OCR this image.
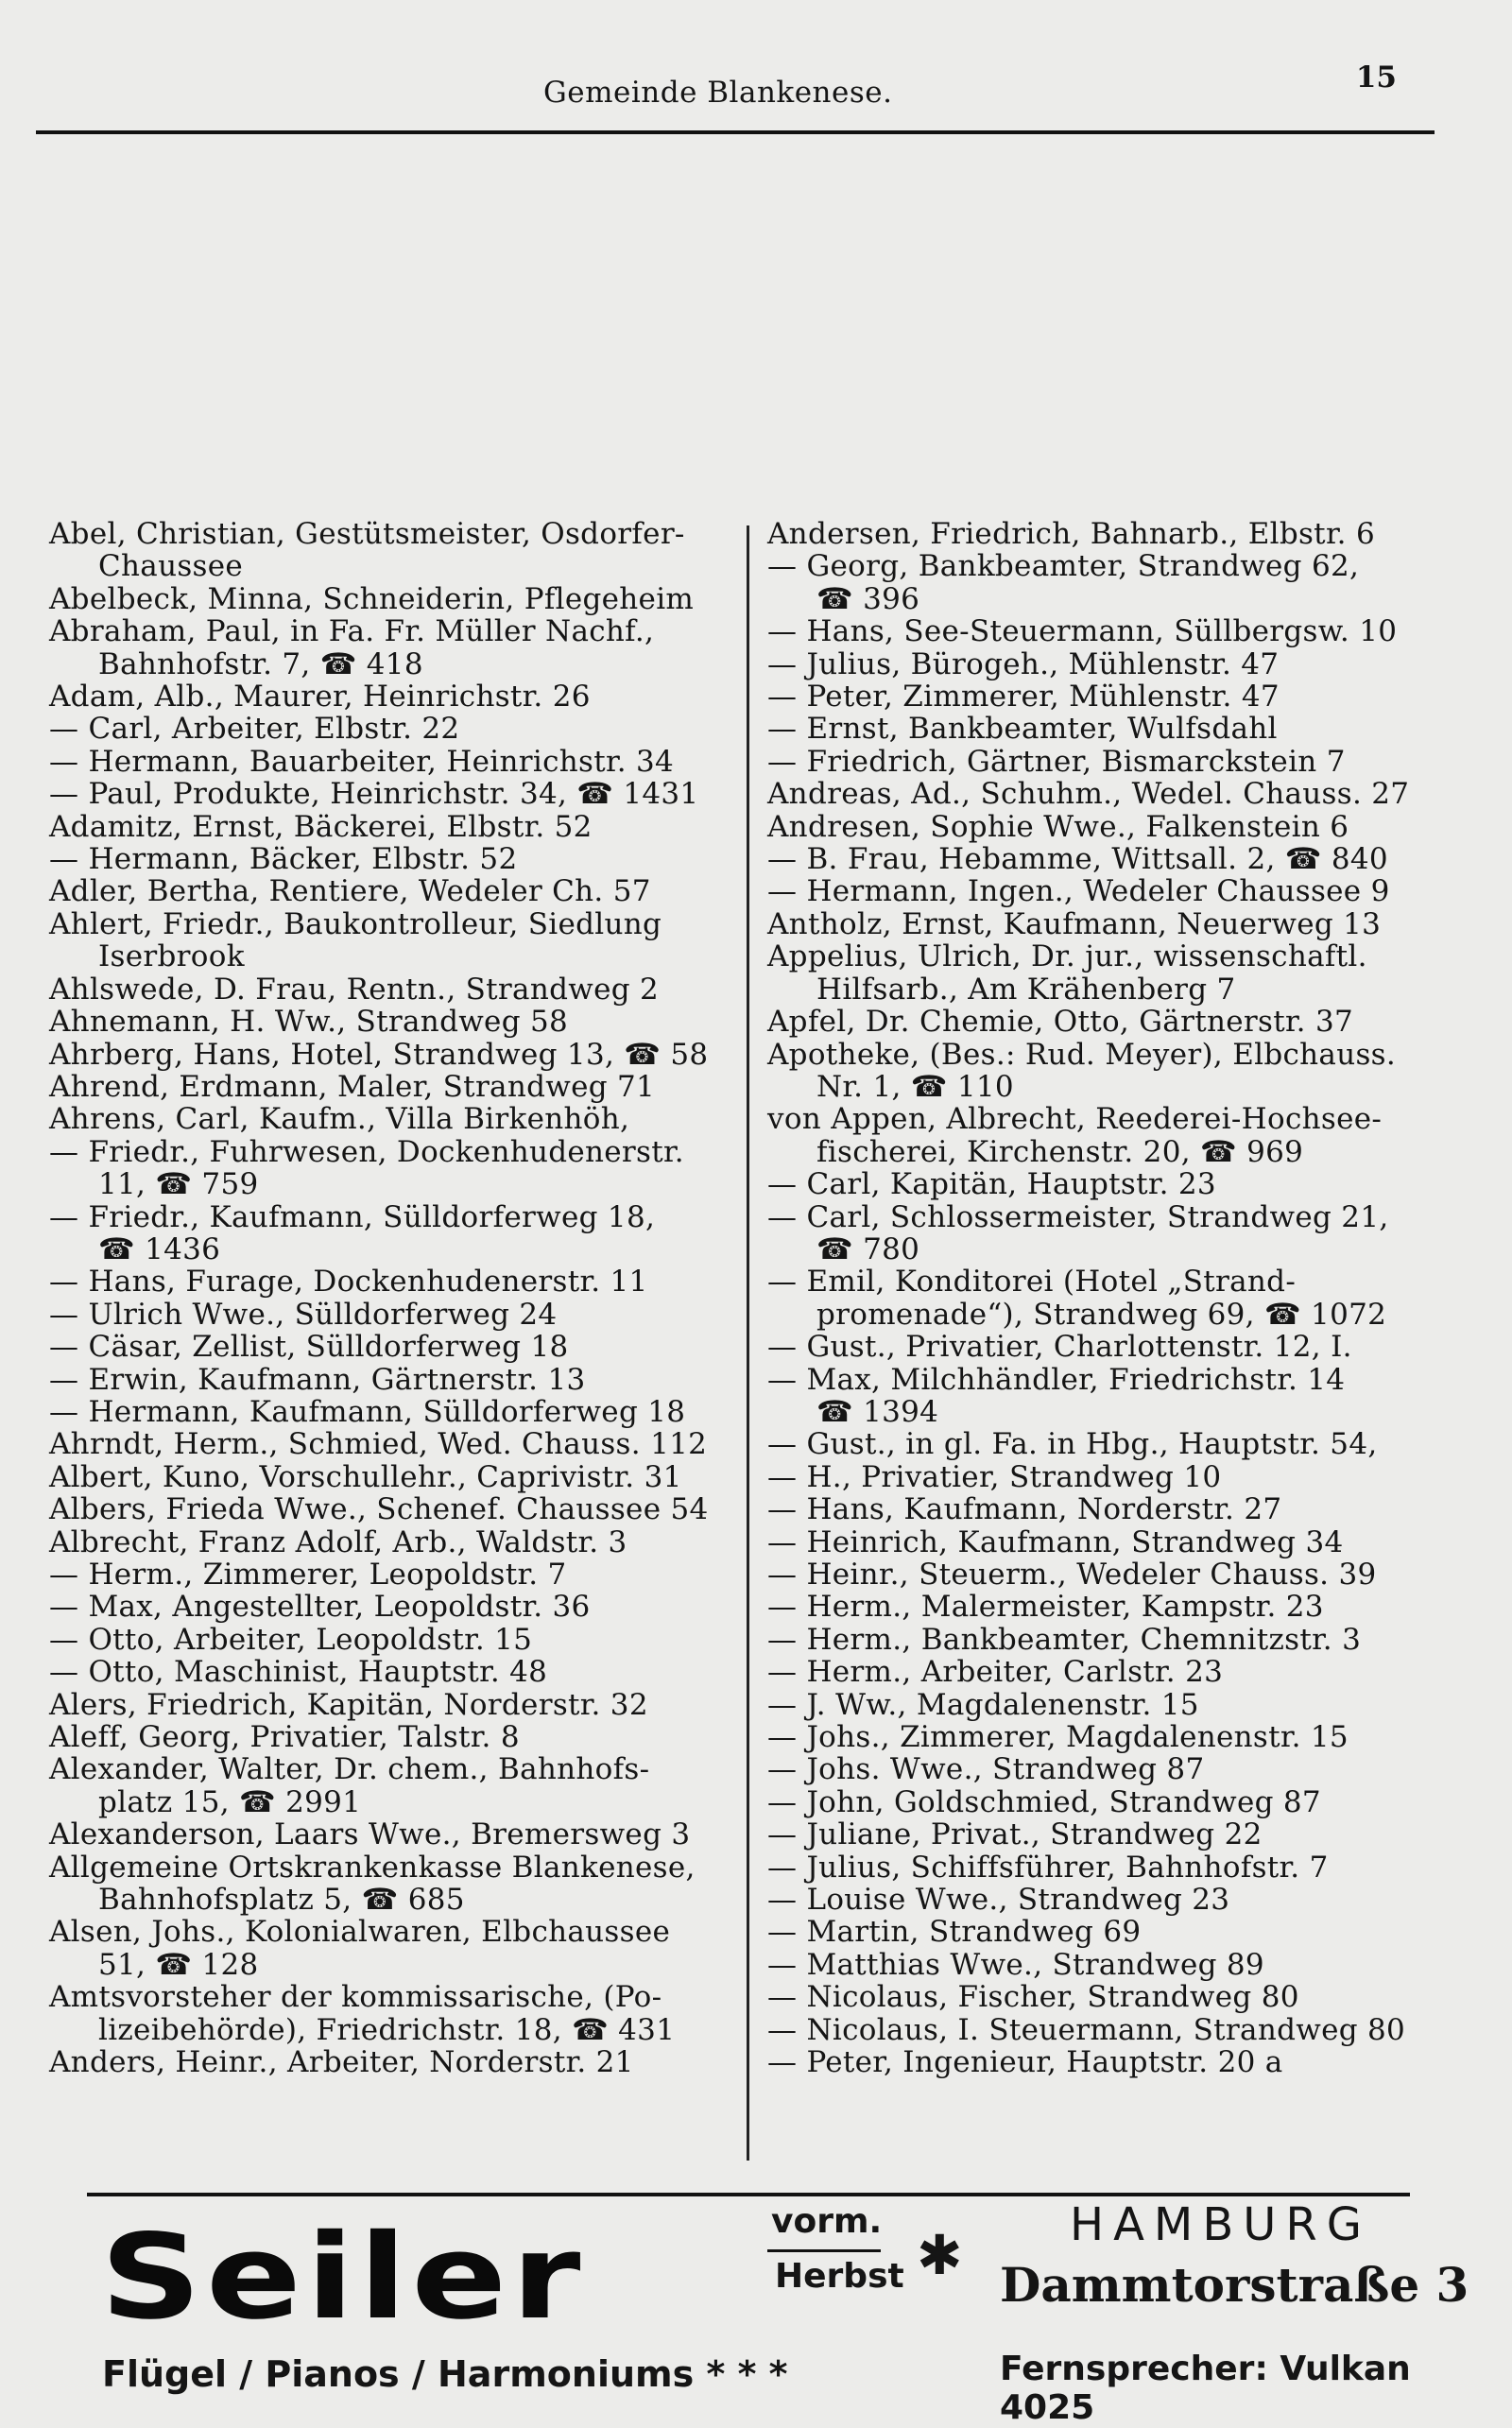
Gemeinde Blankenese.	15
Abel, Christian, Gestütsmeister, Osdorfer-
Chaussee
Abelbeck, Minna, Schneiderin, Pflegeheim
Abraham, Paul, in Fa. Fr. Müller Nachf.,
Bahnhofstr. 7, ☎ 418
Adam, Alb., Maurer, Heinrichstr. 26
— Carl, Arbeiter, Elbstr. 22
— Hermann, Bauarbeiter, Heinrichstr. 34
— Paul, Produkte, Heinrichstr. 34, ☎ 1431
Adamitz, Ernst, Bäckerei, Elbstr. 52
— Hermann, Bäcker, Elbstr. 52
Adler, Bertha, Rentiere, Wedeler Ch. 57
Ahlert, Friedr., Baukontrolleur, Siedlung
Iserbrook
Ahlswede, D. Frau, Rentn., Strandweg 2
Ahnemann, H. Ww., Strandweg 58
Ahrberg, Hans, Hotel, Strandweg 13, ☎ 58
Ahrend, Erdmann, Maler, Strandweg 71
Ahrens, Carl, Kaufm., Villa Birkenhöh,
— Friedr., Fuhrwesen, Dockenhudenerstr.
11, ☎ 759
— Friedr., Kaufmann, Sülldorferweg 18,
☎ 1436
— Hans, Furage, Dockenhudenerstr. 11
— Ulrich Wwe., Sülldorferweg 24
— Cäsar, Zellist, Sülldorferweg 18
— Erwin, Kaufmann, Gärtnerstr. 13
— Hermann, Kaufmann, Sülldorferweg 18
Ahrndt, Herm., Schmied, Wed. Chauss. 112
Albert, Kuno, Vorschullehr., Caprivistr. 31
Albers, Frieda Wwe., Schenef. Chaussee 54
Albrecht, Franz Adolf, Arb., Waldstr. 3
— Herm., Zimmerer, Leopoldstr. 7
— Max, Angestellter, Leopoldstr. 36
— Otto, Arbeiter, Leopoldstr. 15
— Otto, Maschinist, Hauptstr. 48
Alers, Friedrich, Kapitän, Norderstr. 32
Aleff, Georg, Privatier, Talstr. 8
Alexander, Walter, Dr. chem., Bahnhofs-
platz 15, ☎ 2991
Alexanderson, Laars Wwe., Bremersweg 3
Allgemeine Ortskrankenkasse Blankenese,
Bahnhofsplatz 5, ☎ 685
Alsen, Johs., Kolonialwaren, Elbchaussee
51, ☎ 128
Amtsvorsteher der kommissarische, (Po-
lizeibehörde), Friedrichstr. 18, ☎ 431
Anders, Heinr., Arbeiter, Norderstr. 21
Andersen, Friedrich, Bahnarb., Elbstr. 6
— Georg, Bankbeamter, Strandweg 62,
☎ 396
— Hans, See-Steuermann, Süllbergsw. 10
— Julius, Bürogeh., Mühlenstr. 47
— Peter, Zimmerer, Mühlenstr. 47
— Ernst, Bankbeamter, Wulfsdahl
— Friedrich, Gärtner, Bismarckstein 7
Andreas, Ad., Schuhm., Wedel. Chauss. 27
Andresen, Sophie Wwe., Falkenstein 6
— B. Frau, Hebamme, Wittsall. 2, ☎ 840
— Hermann, Ingen., Wedeler Chaussee 9
Antholz, Ernst, Kaufmann, Neuerweg 13
Appelius, Ulrich, Dr. jur., wissenschaftl.
Hilfsarb., Am Krähenberg 7
Apfel, Dr. Chemie, Otto, Gärtnerstr. 37
Apotheke, (Bes.: Rud. Meyer), Elbchauss.
Nr. 1, ☎ 110
von Appen, Albrecht, Reederei-Hochsee-
fischerei, Kirchenstr. 20, ☎ 969
— Carl, Kapitän, Hauptstr. 23
— Carl, Schlossermeister, Strandweg 21,
☎ 780
— Emil, Konditorei (Hotel „Strand-
promenade“), Strandweg 69, ☎ 1072
— Gust., Privatier, Charlottenstr. 12, I.
— Max, Milchhändler, Friedrichstr. 14
☎ 1394
— Gust., in gl. Fa. in Hbg., Hauptstr. 54,
— H., Privatier, Strandweg 10
— Hans, Kaufmann, Norderstr. 27
— Heinrich, Kaufmann, Strandweg 34
— Heinr., Steuerm., Wedeler Chauss. 39
— Herm., Malermeister, Kampstr. 23
— Herm., Bankbeamter, Chemnitzstr. 3
— Herm., Arbeiter, Carlstr. 23
— J. Ww., Magdalenenstr. 15
— Johs., Zimmerer, Magdalenenstr. 15
— Johs. Wwe., Strandweg 87
— John, Goldschmied, Strandweg 87
— Juliane, Privat., Strandweg 22
— Julius, Schiffsführer, Bahnhofstr. 7
— Louise Wwe., Strandweg 23
— Martin, Strandweg 69
— Matthias Wwe., Strandweg 89
— Nicolaus, Fischer, Strandweg 80
— Nicolaus, I. Steuermann, Strandweg 80
— Peter, Ingenieur, Hauptstr. 20 a
Seiler	vorm.
Herbst ✱ HAMBURG
Dammtorstraße 3
Flügel / Pianos / Harmoniums * * *	Fernsprecher: Vulkan 4025
